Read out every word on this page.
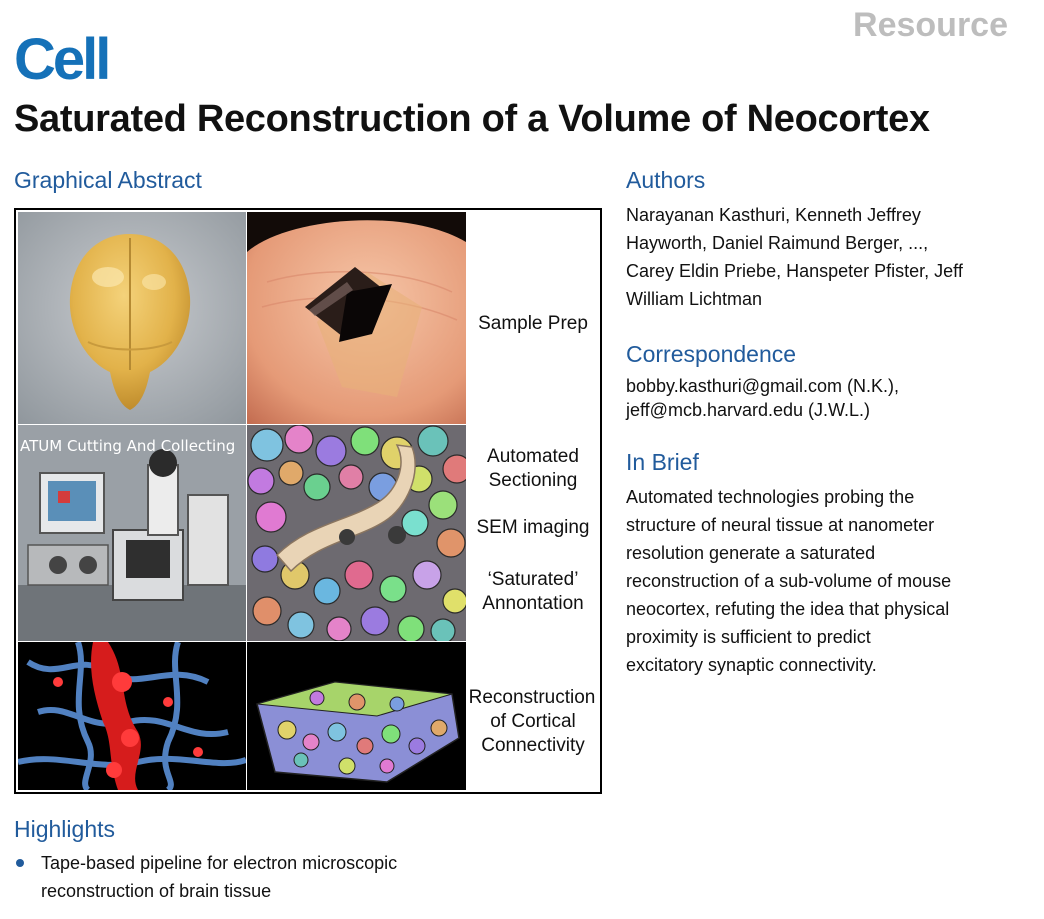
Resource
Cell
Saturated Reconstruction of a Volume of Neocortex
Graphical Abstract
ATUM Cutting And Collecting
Sample Prep
Automated
Sectioning
SEM imaging
‘Saturated’
Annontation
Reconstruction
of Cortical
Connectivity
Authors
Narayanan Kasthuri, Kenneth Jeffrey
Hayworth, Daniel Raimund Berger, ...,
Carey Eldin Priebe, Hanspeter Pfister, Jeff
William Lichtman
Correspondence
bobby.kasthuri@gmail.com (N.K.),
jeff@mcb.harvard.edu (J.W.L.)
In Brief
Automated technologies probing the
structure of neural tissue at nanometer
resolution generate a saturated
reconstruction of a sub-volume of mouse
neocortex, refuting the idea that physical
proximity is sufficient to predict
excitatory synaptic connectivity.
Highlights
Tape-based pipeline for electron microscopic
reconstruction of brain tissue
